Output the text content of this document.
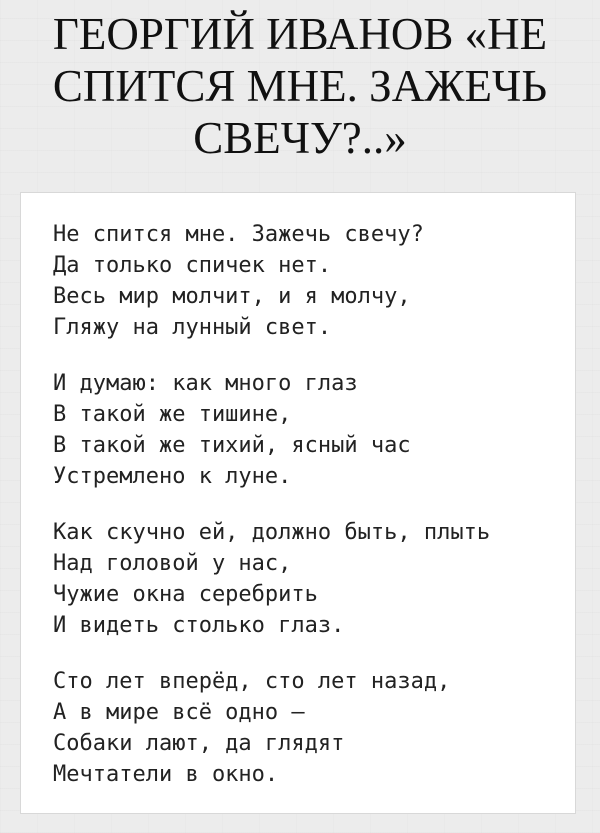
ГЕОРГИЙ ИВАНОВ «НЕ СПИТСЯ МНЕ. ЗАЖЕЧЬ СВЕЧУ?..»
Не спится мне. Зажечь свечу?
Да только спичек нет.
Весь мир молчит, и я молчу,
Гляжу на лунный свет.
И думаю: как много глаз
В такой же тишине,
В такой же тихий, ясный час
Устремлено к луне.
Как скучно ей, должно быть, плыть
Над головой у нас,
Чужие окна серебрить
И видеть столько глаз.
Сто лет вперёд, сто лет назад,
А в мире всё одно —
Собаки лают, да глядят
Мечтатели в окно.
